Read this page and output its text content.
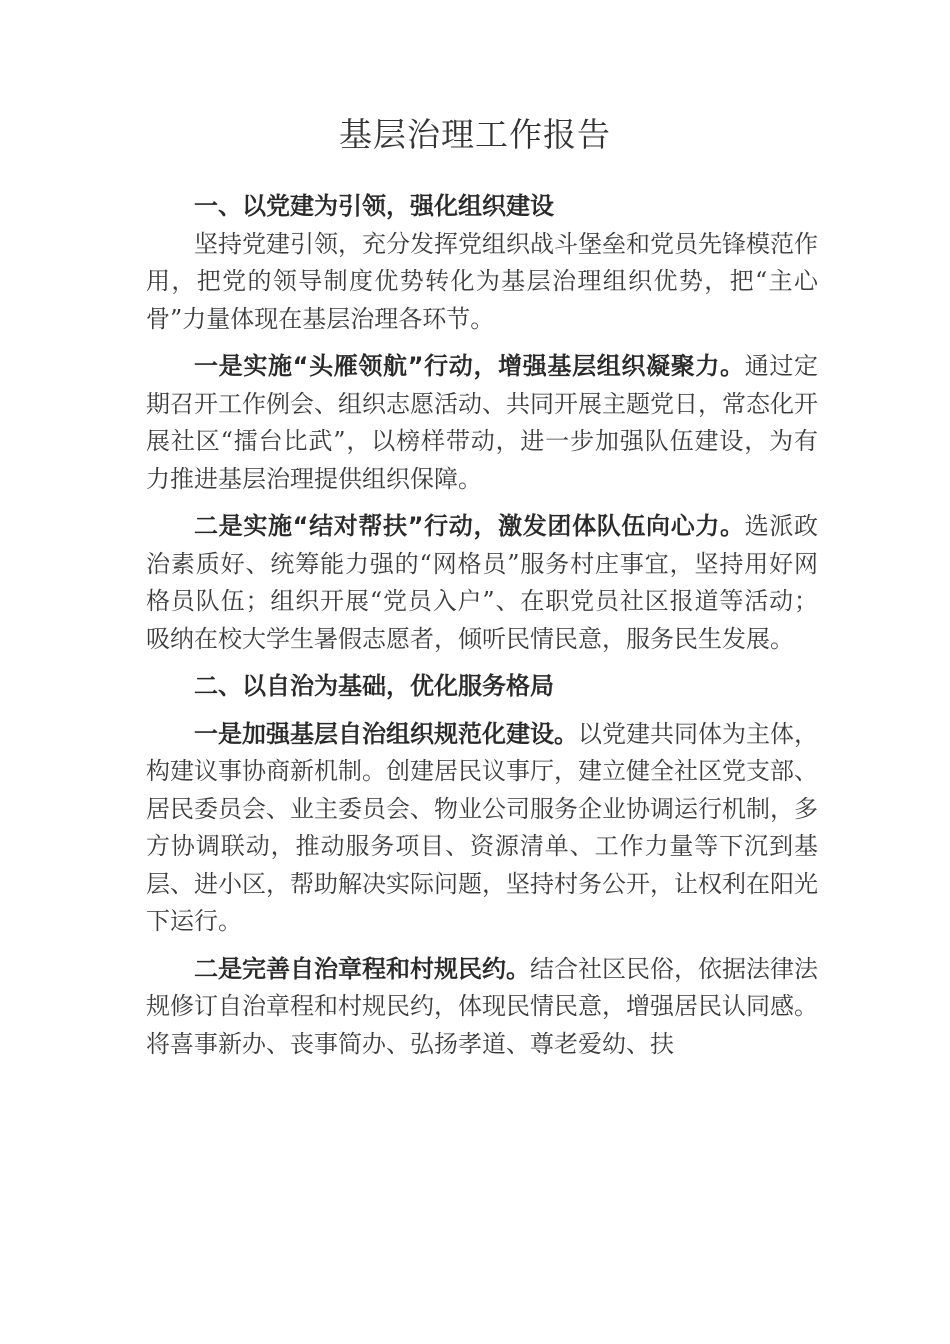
基层治理工作报告

一、以党建为引领，强化组织建设

坚持党建引领，充分发挥党组织战斗堡垒和党员先锋模范作用，把党的领导制度优势转化为基层治理组织优势，把“主心骨”力量体现在基层治理各环节。

一是实施“头雁领航”行动，增强基层组织凝聚力。通过定期召开工作例会、组织志愿活动、共同开展主题党日，常态化开展社区“擂台比武”，以榜样带动，进一步加强队伍建设，为有力推进基层治理提供组织保障。

二是实施“结对帮扶”行动，激发团体队伍向心力。选派政治素质好、统筹能力强的“网格员”服务村庄事宜，坚持用好网格员队伍；组织开展“党员入户”、在职党员社区报道等活动；吸纳在校大学生暑假志愿者，倾听民情民意，服务民生发展。

二、以自治为基础，优化服务格局

一是加强基层自治组织规范化建设。以党建共同体为主体，构建议事协商新机制。创建居民议事厅，建立健全社区党支部、居民委员会、业主委员会、物业公司服务企业协调运行机制，多方协调联动，推动服务项目、资源清单、工作力量等下沉到基层、进小区，帮助解决实际问题，坚持村务公开，让权利在阳光下运行。

二是完善自治章程和村规民约。结合社区民俗，依据法律法规修订自治章程和村规民约，体现民情民意，增强居民认同感。将喜事新办、丧事简办、弘扬孝道、尊老爱幼、扶
